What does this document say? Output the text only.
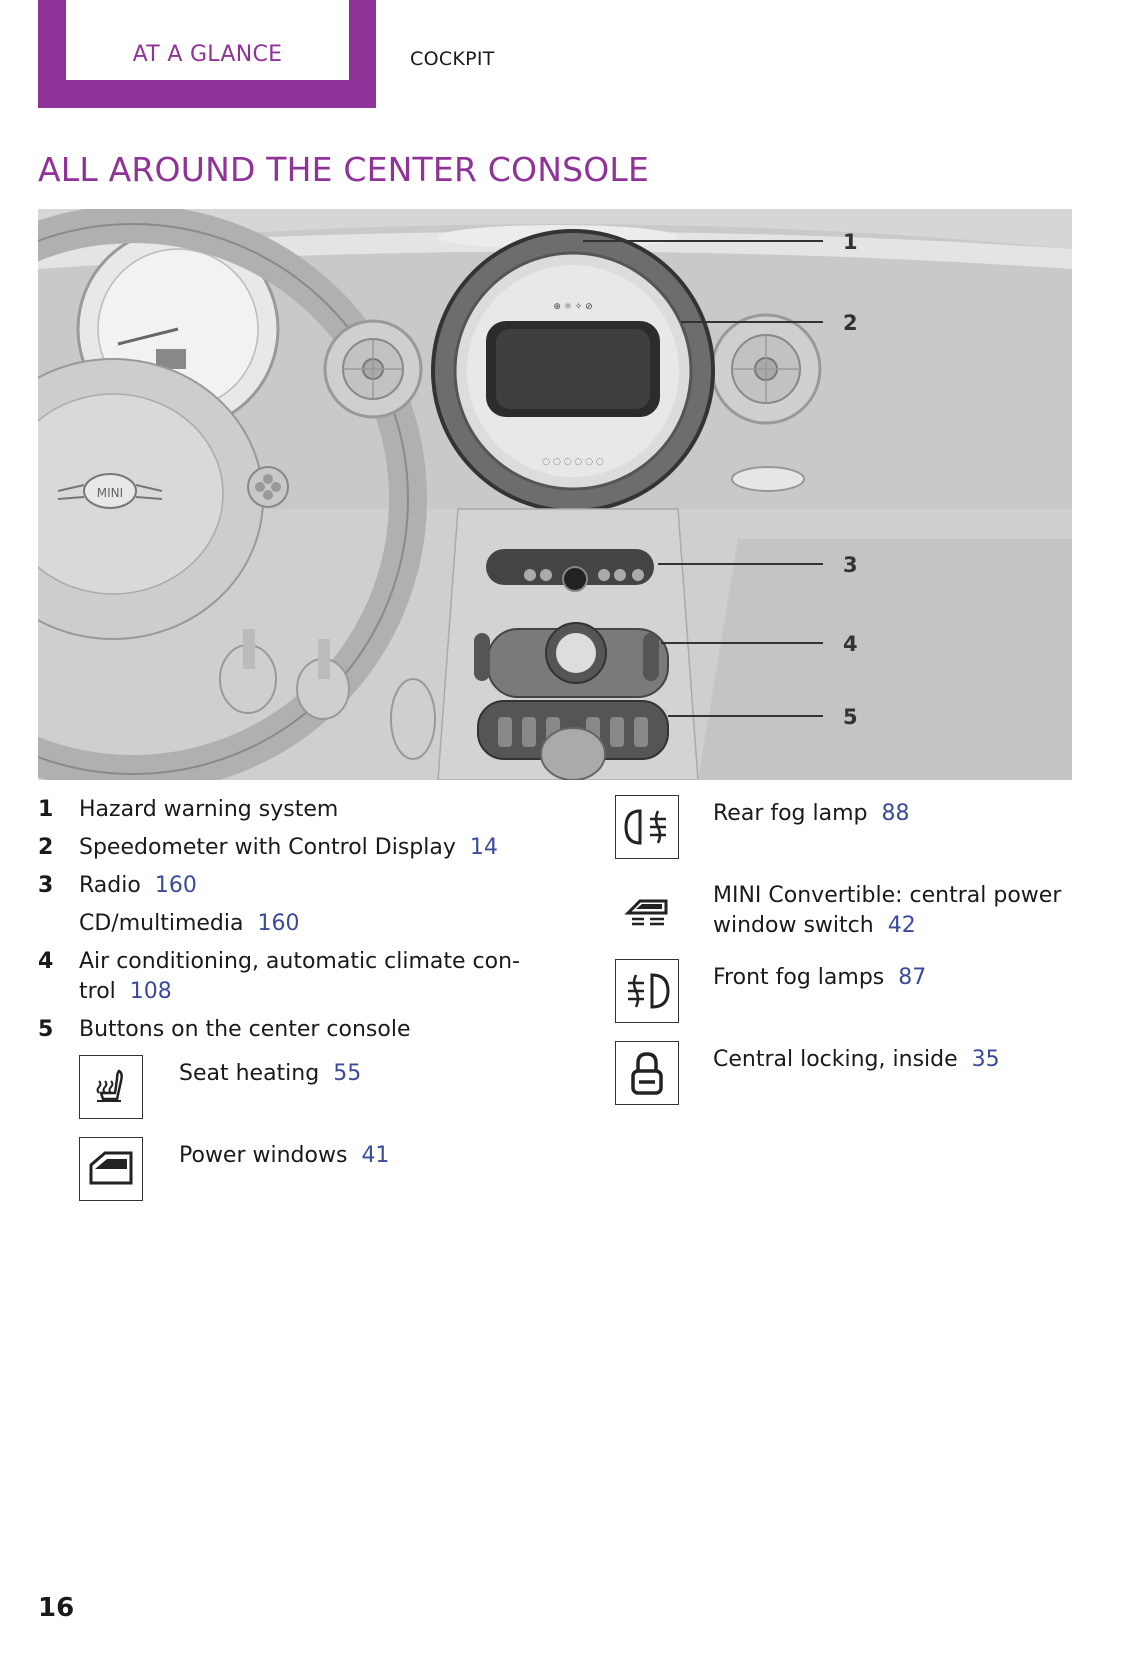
AT A GLANCE	COCKPIT
ALL AROUND THE CENTER CONSOLE
MINI
⊕ ☼ ✧ ⊘
◌ ◌ ◌ ◌ ◌ ◌
1
2
3
4
5
1	Hazard warning system
2	Speedometer with Control Display 14
3	Radio 160
CD/multimedia 160
4	Air conditioning, automatic climate con-
trol 108
5	Buttons on the center console
Seat heating 55
Power windows 41
Rear fog lamp 88
MINI Convertible: central power
window switch 42
Front fog lamps 87
Central locking, inside 35
16
